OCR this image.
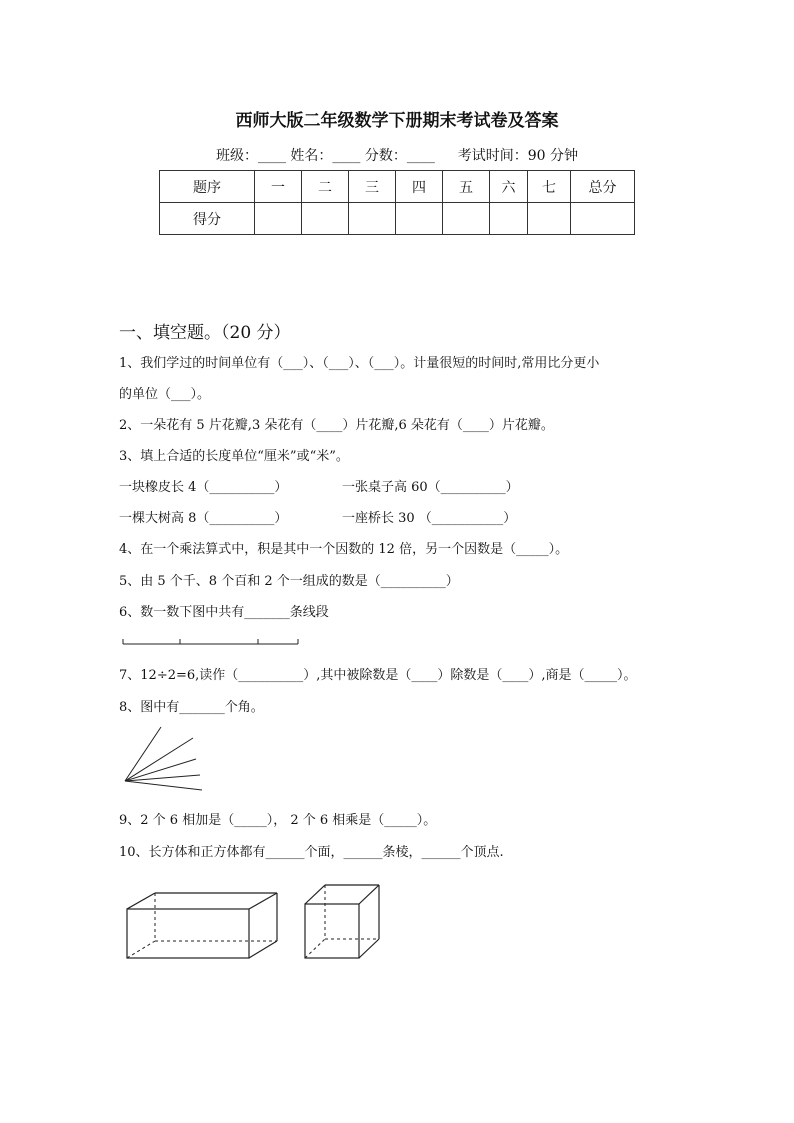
西师大版二年级数学下册期末考试卷及答案
班级：____ 姓名：____ 分数：____ 考试时间：90 分钟
题序	一	二	三	四	五	六	七	总分
得分								
一、填空题。（20 分）
1、我们学过的时间单位有（___）、（___）、（___）。计量很短的时间时,常用比分更小
的单位（___）。
2、一朵花有 5 片花瓣,3 朵花有（____）片花瓣,6 朵花有（____）片花瓣。
3、填上合适的长度单位“厘米”或“米”。
一块橡皮长 4（__________）	一张桌子高 60（__________）
一棵大树高 8（__________）	一座桥长 30 （___________）
4、在一个乘法算式中，积是其中一个因数的 12 倍，另一个因数是（_____）。
5、由 5 个千、8 个百和 2 个一组成的数是（__________）
6、数一数下图中共有_______条线段
7、12÷2=6,读作（__________）,其中被除数是（____）除数是（____）,商是（_____）。
8、图中有_______个角。
9、2 个 6 相加是（_____）， 2 个 6 相乘是（_____）。
10、长方体和正方体都有______个面，______条棱，______个顶点.
